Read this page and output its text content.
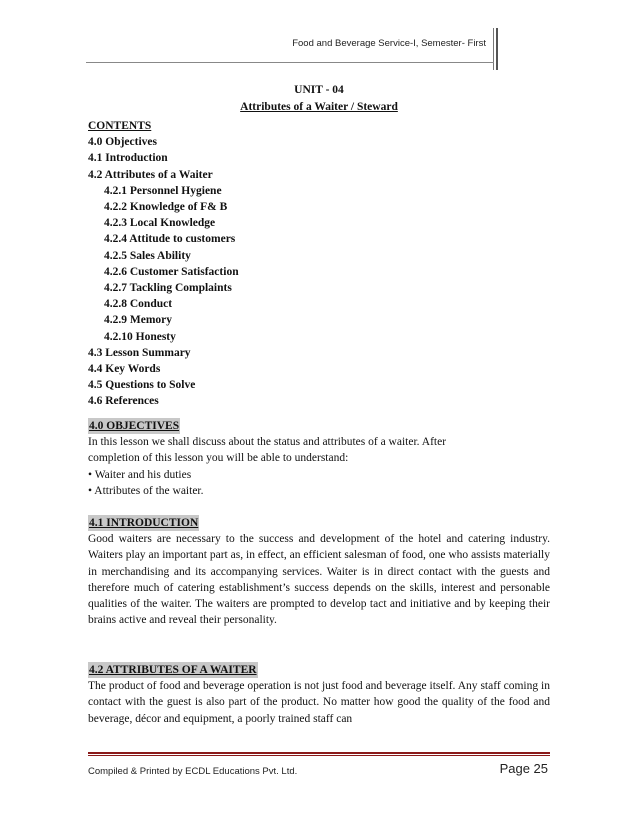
Food and Beverage Service-I, Semester- First
UNIT - 04
Attributes of a Waiter / Steward
CONTENTS
4.0 Objectives
4.1 Introduction
4.2 Attributes of a Waiter
4.2.1 Personnel Hygiene
4.2.2 Knowledge of F& B
4.2.3 Local Knowledge
4.2.4 Attitude to customers
4.2.5 Sales Ability
4.2.6 Customer Satisfaction
4.2.7 Tackling Complaints
4.2.8 Conduct
4.2.9 Memory
4.2.10 Honesty
4.3 Lesson Summary
4.4 Key Words
4.5 Questions to Solve
4.6 References
4.0 OBJECTIVES
In this lesson we shall discuss about the status and attributes of a waiter. After
completion of this lesson you will be able to understand:
• Waiter and his duties
• Attributes of the waiter.
4.1 INTRODUCTION
Good waiters are necessary to the success and development of the hotel and catering industry. Waiters play an important part as, in effect, an efficient salesman of food, one who assists materially in merchandising and its accompanying services. Waiter is in direct contact with the guests and therefore much of catering establishment’s success depends on the skills, interest and personable qualities of the waiter. The waiters are prompted to develop tact and initiative and by keeping their brains active and reveal their personality.
4.2 ATTRIBUTES OF A WAITER
The product of food and beverage operation is not just food and beverage itself. Any staff coming in contact with the guest is also part of the product. No matter how good the quality of the food and beverage, décor and equipment, a poorly trained staff can
Compiled & Printed by ECDL Educations Pvt. Ltd.	Page 25
